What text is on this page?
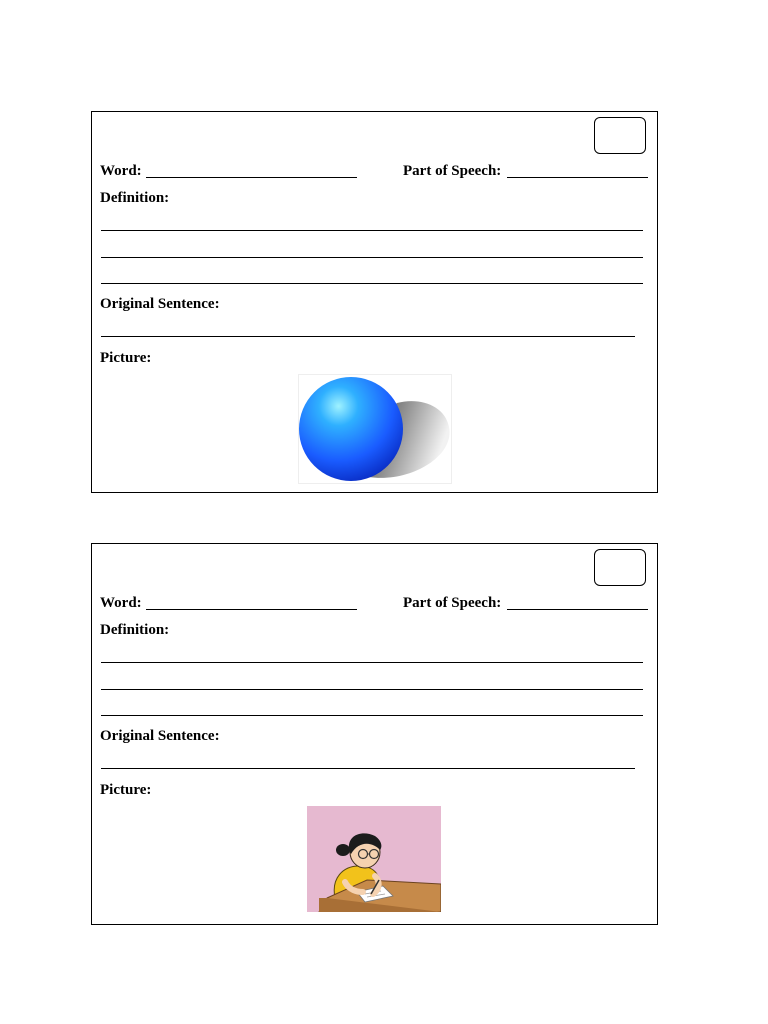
Word:	Part of Speech:
Definition:
Original Sentence:
Picture:
Word:	Part of Speech:
Definition:
Original Sentence:
Picture:
